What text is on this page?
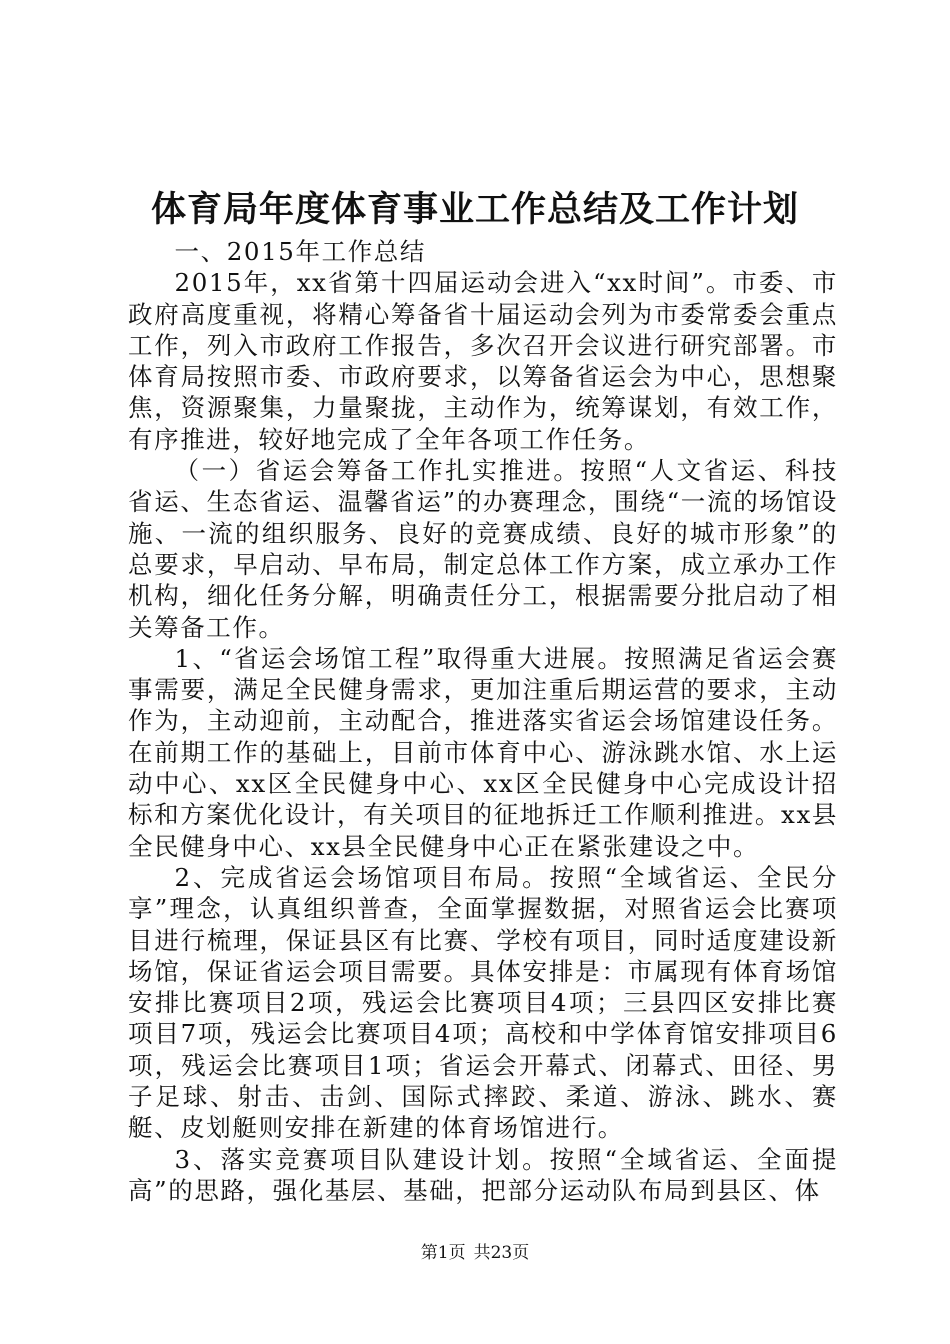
体育局年度体育事业工作总结及工作计划

一、2015年工作总结

2015年，xx省第十四届运动会进入“xx时间”。市委、市政府高度重视，将精心筹备省十届运动会列为市委常委会重点工作，列入市政府工作报告，多次召开会议进行研究部署。市体育局按照市委、市政府要求，以筹备省运会为中心，思想聚焦，资源聚集，力量聚拢，主动作为，统筹谋划，有效工作，有序推进，较好地完成了全年各项工作任务。

（一）省运会筹备工作扎实推进。按照“人文省运、科技省运、生态省运、温馨省运”的办赛理念，围绕“一流的场馆设施、一流的组织服务、良好的竞赛成绩、良好的城市形象”的总要求，早启动、早布局，制定总体工作方案，成立承办工作机构，细化任务分解，明确责任分工，根据需要分批启动了相关筹备工作。

1、“省运会场馆工程”取得重大进展。按照满足省运会赛事需要，满足全民健身需求，更加注重后期运营的要求，主动作为，主动迎前，主动配合，推进落实省运会场馆建设任务。在前期工作的基础上，目前市体育中心、游泳跳水馆、水上运动中心、xx区全民健身中心、xx区全民健身中心完成设计招标和方案优化设计，有关项目的征地拆迁工作顺利推进。xx县全民健身中心、xx县全民健身中心正在紧张建设之中。

2、完成省运会场馆项目布局。按照“全域省运、全民分享”理念，认真组织普查，全面掌握数据，对照省运会比赛项目进行梳理，保证县区有比赛、学校有项目，同时适度建设新场馆，保证省运会项目需要。具体安排是：市属现有体育场馆安排比赛项目2项，残运会比赛项目4项；三县四区安排比赛项目7项，残运会比赛项目4项；高校和中学体育馆安排项目6项，残运会比赛项目1项；省运会开幕式、闭幕式、田径、男子足球、射击、击剑、国际式摔跤、柔道、游泳、跳水、赛艇、皮划艇则安排在新建的体育场馆进行。

3、落实竞赛项目队建设计划。按照“全域省运、全面提高”的思路，强化基层、基础，把部分运动队布局到县区、体

第1页 共23页
